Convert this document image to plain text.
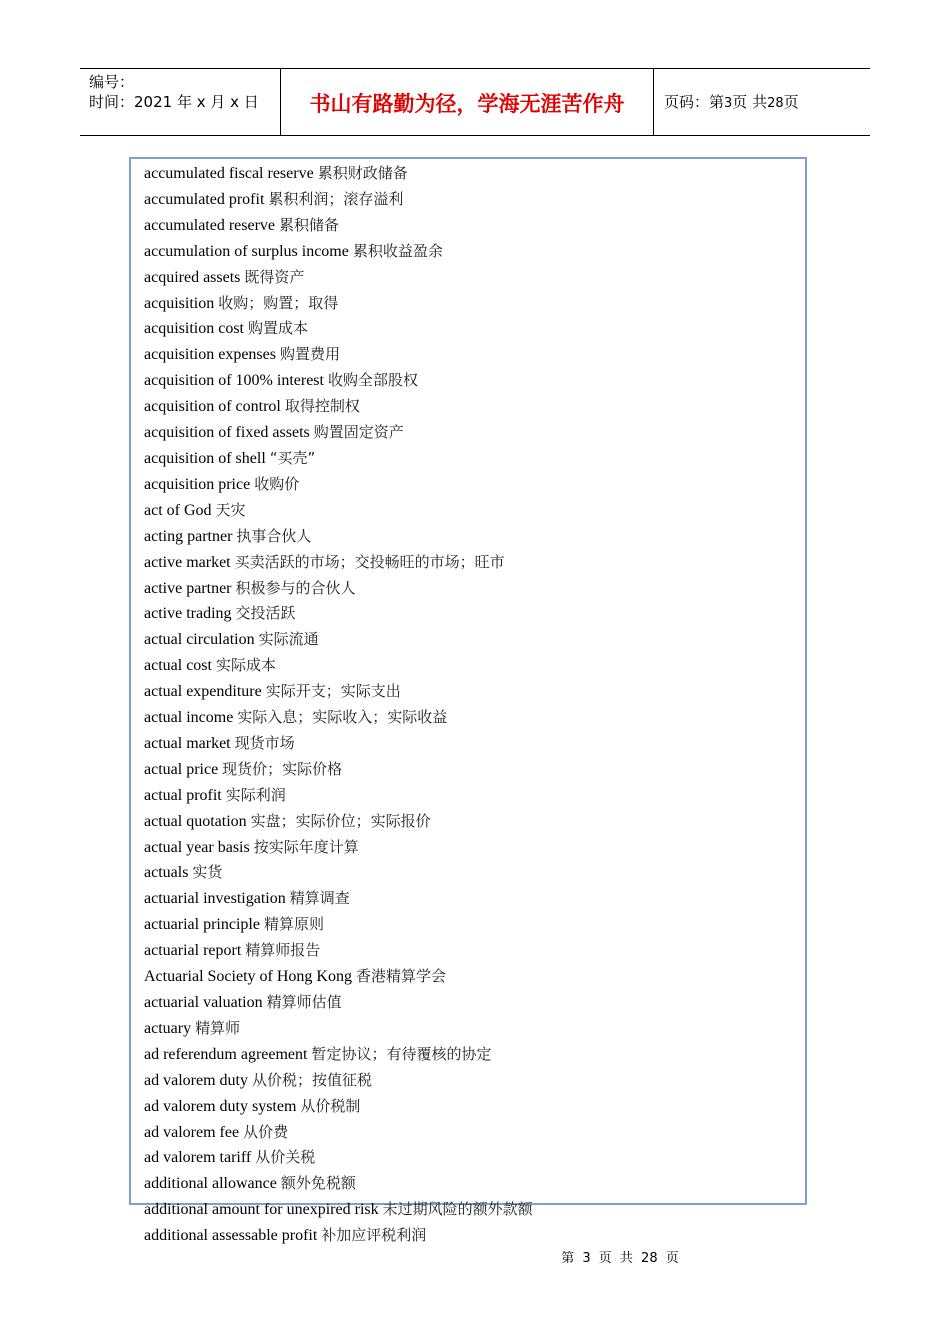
编号：
时间：2021 年 x 月 x 日	书山有路勤为径，学海无涯苦作舟	页码：第3页 共28页
accumulated fiscal reserve 累积财政储备
accumulated profit 累积利润；滚存溢利
accumulated reserve 累积储备
accumulation of surplus income 累积收益盈余
acquired assets 既得资产
acquisition 收购；购置；取得
acquisition cost 购置成本
acquisition expenses 购置费用
acquisition of 100% interest 收购全部股权
acquisition of control 取得控制权
acquisition of fixed assets 购置固定资产
acquisition of shell “买壳”
acquisition price 收购价
act of God 天灾
acting partner 执事合伙人
active market 买卖活跃的市场；交投畅旺的市场；旺市
active partner 积极参与的合伙人
active trading 交投活跃
actual circulation 实际流通
actual cost 实际成本
actual expenditure 实际开支；实际支出
actual income 实际入息；实际收入；实际收益
actual market 现货市场
actual price 现货价；实际价格
actual profit 实际利润
actual quotation 实盘；实际价位；实际报价
actual year basis 按实际年度计算
actuals 实货
actuarial investigation 精算调查
actuarial principle 精算原则
actuarial report 精算师报告
Actuarial Society of Hong Kong 香港精算学会
actuarial valuation 精算师估值
actuary 精算师
ad referendum agreement 暂定协议；有待覆核的协定
ad valorem duty 从价税；按值征税
ad valorem duty system 从价税制
ad valorem fee 从价费
ad valorem tariff 从价关税
additional allowance 额外免税额
additional amount for unexpired risk 未过期风险的额外款额
additional assessable profit 补加应评税利润
第 3 页 共 28 页
